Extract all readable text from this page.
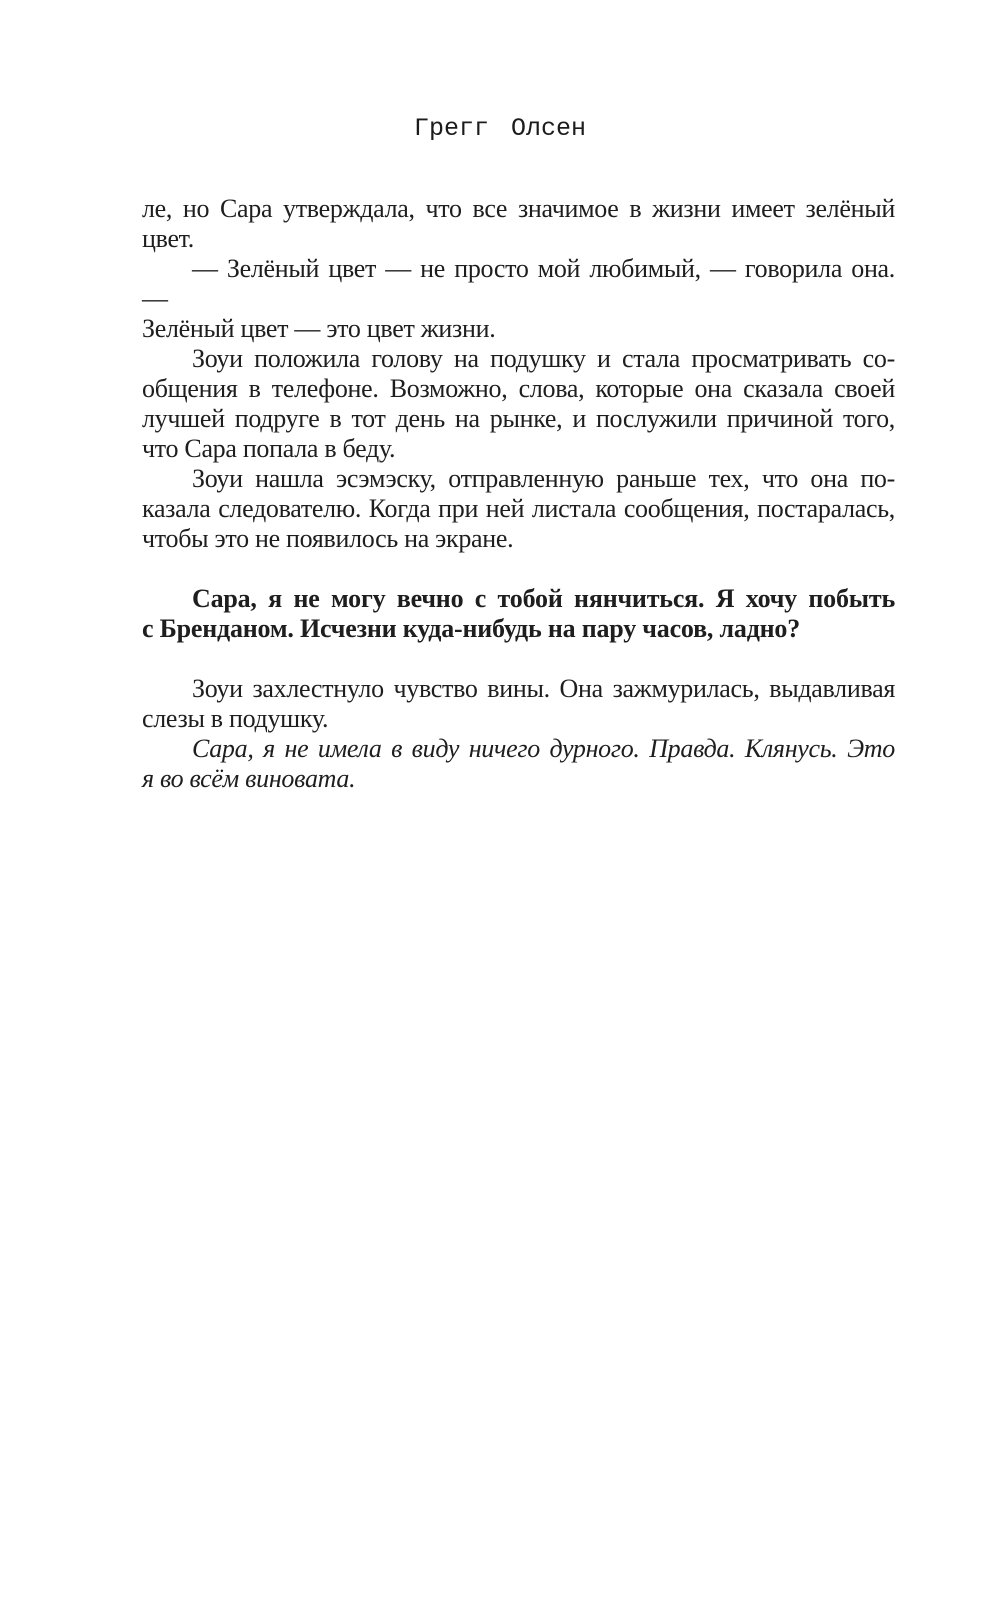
Грегг Олсен
ле, но Сара утверждала, что все значимое в жизни имеет зелёный
цвет.
— Зелёный цвет — не просто мой любимый, — говорила она. —
Зелёный цвет — это цвет жизни.
Зоуи положила голову на подушку и стала просматривать со-
общения в телефоне. Возможно, слова, которые она сказала своей
лучшей подруге в тот день на рынке, и послужили причиной того,
что Сара попала в беду.
Зоуи нашла эсэмэску, отправленную раньше тех, что она по-
казала следователю. Когда при ней листала сообщения, постаралась,
чтобы это не появилось на экране.
Сара, я не могу вечно с тобой нянчиться. Я хочу побыть
с Бренданом. Исчезни куда-нибудь на пару часов, ладно?
Зоуи захлестнуло чувство вины. Она зажмурилась, выдавливая
слезы в подушку.
Сара, я не имела в виду ничего дурного. Правда. Клянусь. Это
я во всём виновата.
